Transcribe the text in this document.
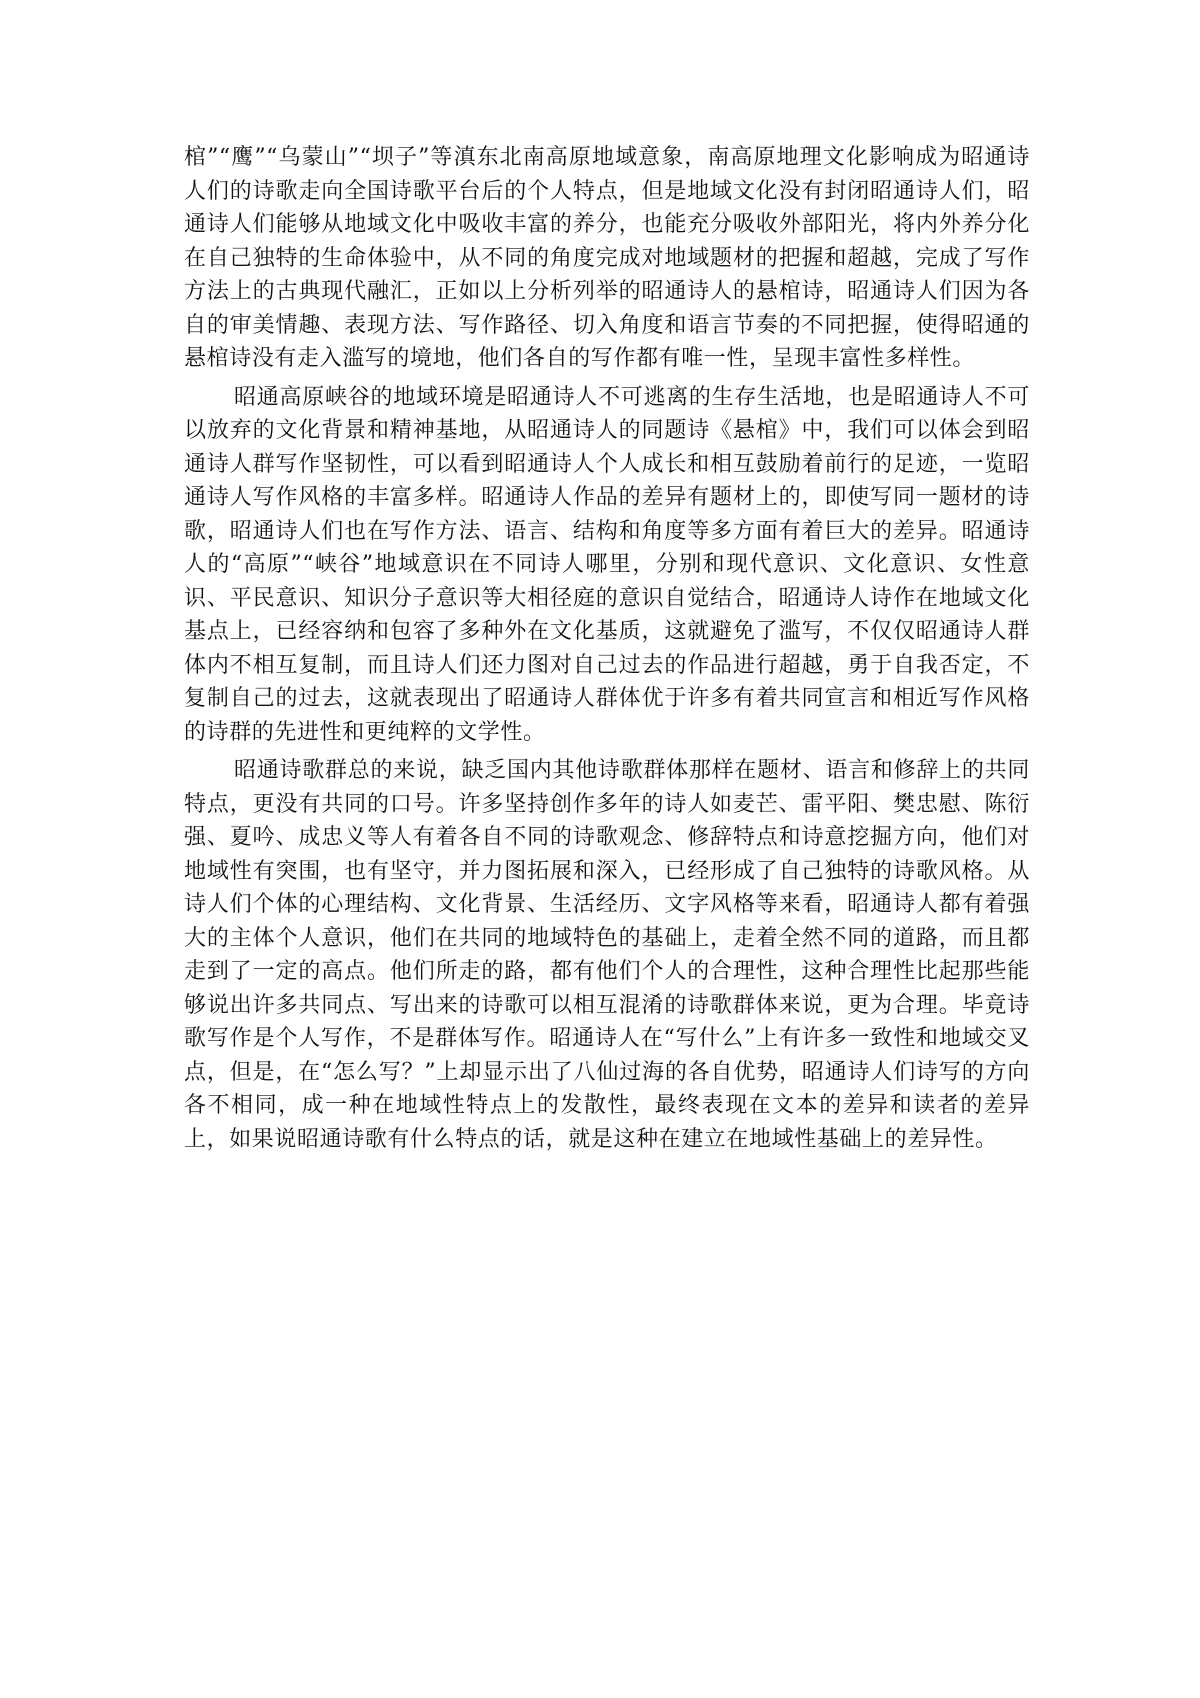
棺”“鹰”“乌蒙山”“坝子”等滇东北南高原地域意象，南高原地理文化影响成为昭通诗人们的诗歌走向全国诗歌平台后的个人特点，但是地域文化没有封闭昭通诗人们，昭通诗人们能够从地域文化中吸收丰富的养分，也能充分吸收外部阳光，将内外养分化在自己独特的生命体验中，从不同的角度完成对地域题材的把握和超越，完成了写作方法上的古典现代融汇，正如以上分析列举的昭通诗人的悬棺诗，昭通诗人们因为各自的审美情趣、表现方法、写作路径、切入角度和语言节奏的不同把握，使得昭通的悬棺诗没有走入滥写的境地，他们各自的写作都有唯一性，呈现丰富性多样性。

昭通高原峡谷的地域环境是昭通诗人不可逃离的生存生活地，也是昭通诗人不可以放弃的文化背景和精神基地，从昭通诗人的同题诗《悬棺》中，我们可以体会到昭通诗人群写作坚韧性，可以看到昭通诗人个人成长和相互鼓励着前行的足迹，一览昭通诗人写作风格的丰富多样。昭通诗人作品的差异有题材上的，即使写同一题材的诗歌，昭通诗人们也在写作方法、语言、结构和角度等多方面有着巨大的差异。昭通诗人的“高原”“峡谷”地域意识在不同诗人哪里，分别和现代意识、文化意识、女性意识、平民意识、知识分子意识等大相径庭的意识自觉结合，昭通诗人诗作在地域文化基点上，已经容纳和包容了多种外在文化基质，这就避免了滥写，不仅仅昭通诗人群体内不相互复制，而且诗人们还力图对自己过去的作品进行超越，勇于自我否定，不复制自己的过去，这就表现出了昭通诗人群体优于许多有着共同宣言和相近写作风格的诗群的先进性和更纯粹的文学性。

昭通诗歌群总的来说，缺乏国内其他诗歌群体那样在题材、语言和修辞上的共同特点，更没有共同的口号。许多坚持创作多年的诗人如麦芒、雷平阳、樊忠慰、陈衍强、夏吟、成忠义等人有着各自不同的诗歌观念、修辞特点和诗意挖掘方向，他们对地域性有突围，也有坚守，并力图拓展和深入，已经形成了自己独特的诗歌风格。从诗人们个体的心理结构、文化背景、生活经历、文字风格等来看，昭通诗人都有着强大的主体个人意识，他们在共同的地域特色的基础上，走着全然不同的道路，而且都走到了一定的高点。他们所走的路，都有他们个人的合理性，这种合理性比起那些能够说出许多共同点、写出来的诗歌可以相互混淆的诗歌群体来说，更为合理。毕竟诗歌写作是个人写作，不是群体写作。昭通诗人在“写什么”上有许多一致性和地域交叉点，但是，在“怎么写？”上却显示出了八仙过海的各自优势，昭通诗人们诗写的方向各不相同，成一种在地域性特点上的发散性，最终表现在文本的差异和读者的差异上，如果说昭通诗歌有什么特点的话，就是这种在建立在地域性基础上的差异性。
